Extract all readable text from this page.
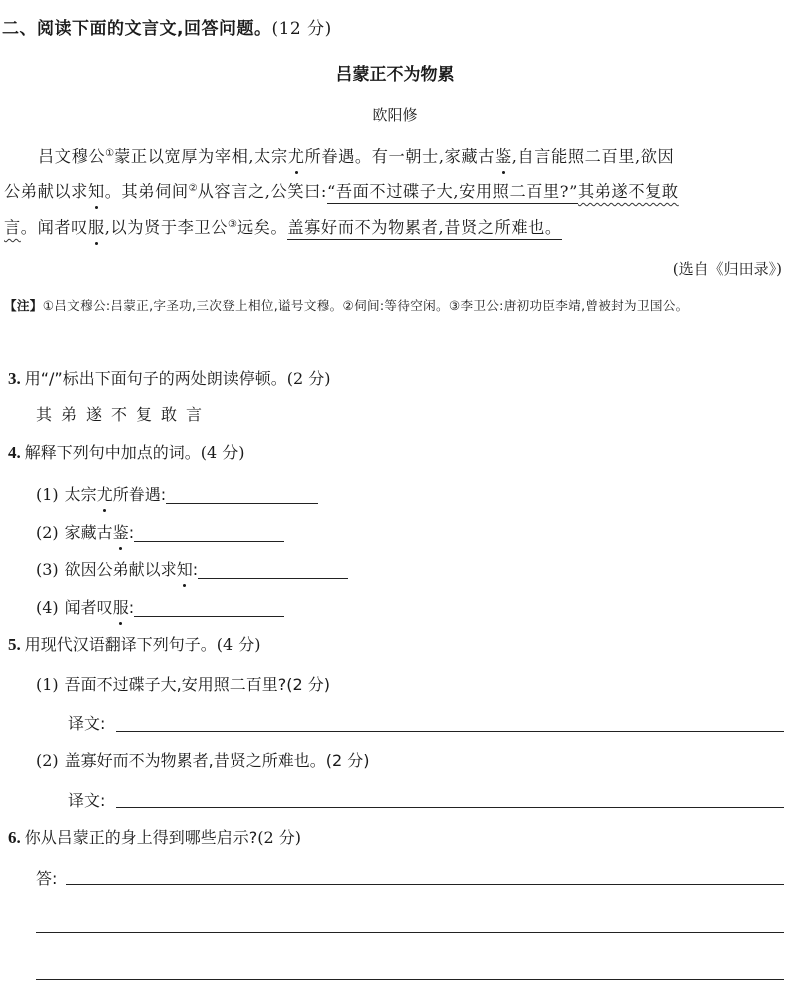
二、阅读下面的文言文,回答问题。(12 分)
吕蒙正不为物累
欧阳修
吕文穆公①蒙正以宽厚为宰相,太宗尤所眷遇。有一朝士,家藏古鉴,自言能照二百里,欲因
公弟献以求知。其弟伺间②从容言之,公笑曰:“吾面不过碟子大,安用照二百里?”其弟遂不复敢
言。闻者叹服,以为贤于李卫公③远矣。盖寡好而不为物累者,昔贤之所难也。
(选自《归田录》)
【注】①吕文穆公:吕蒙正,字圣功,三次登上相位,谥号文穆。②伺间:等待空闲。③李卫公:唐初功臣李靖,曾被封为卫国公。
3. 用“/”标出下面句子的两处朗读停顿。(2 分)
其弟遂不复敢言
4. 解释下列句中加点的词。(4 分)
(1) 太宗尤所眷遇:
(2) 家藏古鉴:
(3) 欲因公弟献以求知:
(4) 闻者叹服:
5. 用现代汉语翻译下列句子。(4 分)
(1) 吾面不过碟子大,安用照二百里?(2 分)
译文:
(2) 盖寡好而不为物累者,昔贤之所难也。(2 分)
译文:
6. 你从吕蒙正的身上得到哪些启示?(2 分)
答:
